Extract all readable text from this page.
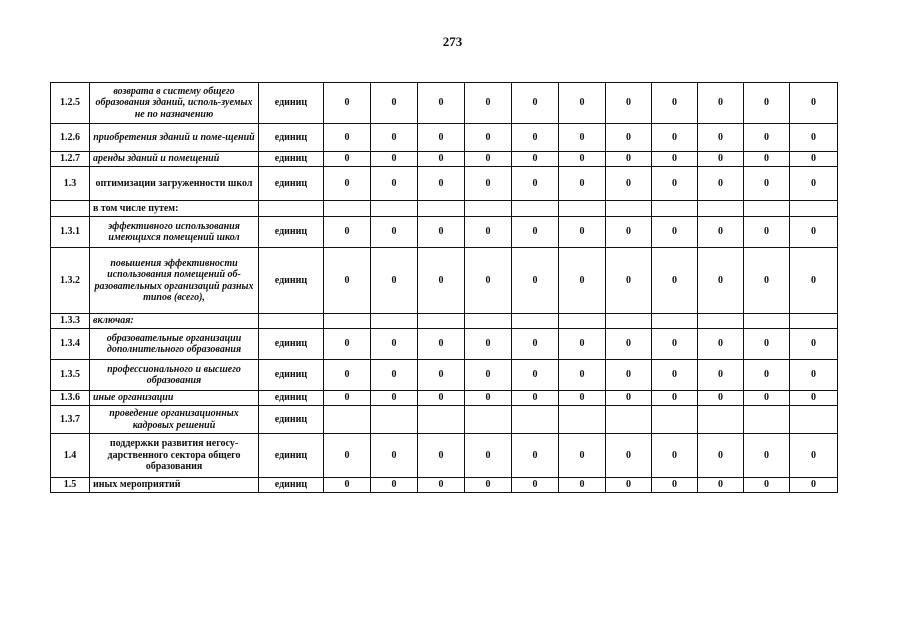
273
1.2.5	возврата в систему общего образования зданий, исполь-зуемых не по назначению	единиц	0	0	0	0	0	0	0	0	0	0	0
1.2.6	приобретения зданий и поме-щений	единиц	0	0	0	0	0	0	0	0	0	0	0
1.2.7	аренды зданий и помещений	единиц	0	0	0	0	0	0	0	0	0	0	0
1.3	оптимизации загруженности школ	единиц	0	0	0	0	0	0	0	0	0	0	0
	в том числе путем:												
1.3.1	эффективного использования имеющихся помещений школ	единиц	0	0	0	0	0	0	0	0	0	0	0
1.3.2	повышения эффективности использования помещений об-разовательных организаций разных типов (всего),	единиц	0	0	0	0	0	0	0	0	0	0	0
1.3.3	включая:												
1.3.4	образовательные организации дополнительного образования	единиц	0	0	0	0	0	0	0	0	0	0	0
1.3.5	профессионального и высшего образования	единиц	0	0	0	0	0	0	0	0	0	0	0
1.3.6	иные организации	единиц	0	0	0	0	0	0	0	0	0	0	0
1.3.7	проведение организационных кадровых решений	единиц											
1.4	поддержки развития негосу-дарственного сектора общего образования	единиц	0	0	0	0	0	0	0	0	0	0	0
1.5	иных мероприятий	единиц	0	0	0	0	0	0	0	0	0	0	0
